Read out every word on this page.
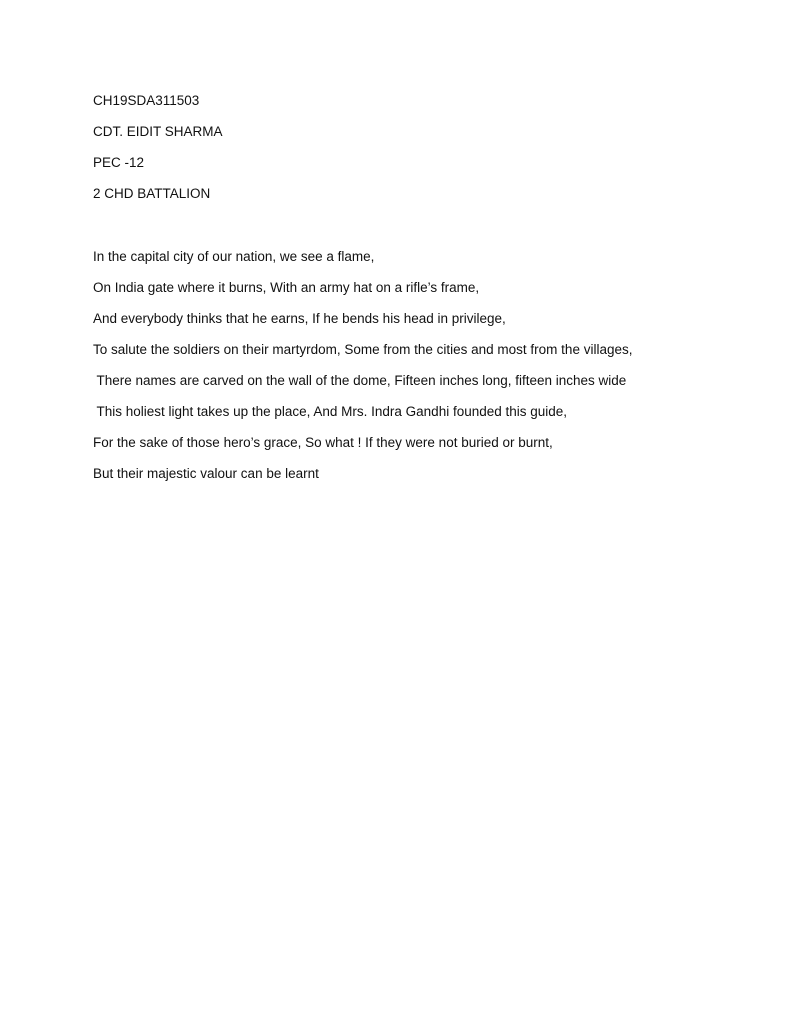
CH19SDA311503
CDT. EIDIT SHARMA
PEC -12
2 CHD BATTALION
In the capital city of our nation, we see a flame,
On India gate where it burns, With an army hat on a rifle’s frame,
And everybody thinks that he earns, If he bends his head in privilege,
To salute the soldiers on their martyrdom, Some from the cities and most from the villages,
There names are carved on the wall of the dome, Fifteen inches long, fifteen inches wide
This holiest light takes up the place, And Mrs. Indra Gandhi founded this guide,
For the sake of those hero’s grace, So what ! If they were not buried or burnt,
But their majestic valour can be learnt
